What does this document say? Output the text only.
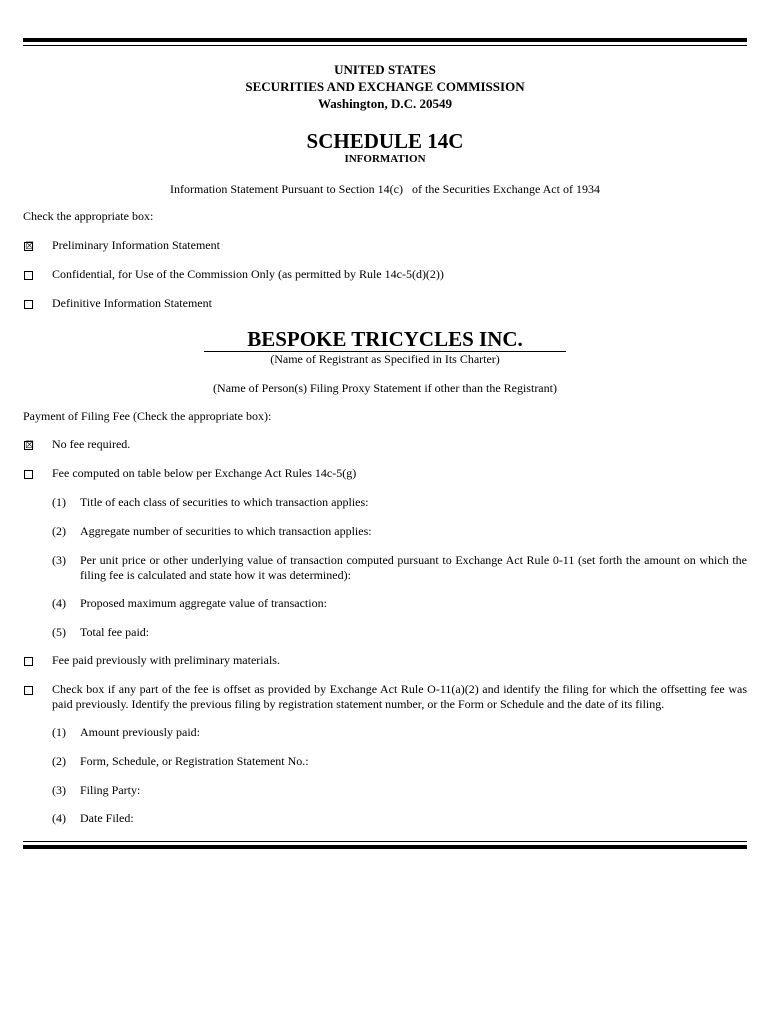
UNITED STATES
SECURITIES AND EXCHANGE COMMISSION
Washington, D.C. 20549
SCHEDULE 14C
INFORMATION
Information Statement Pursuant to Section 14(c)   of the Securities Exchange Act of 1934
Check the appropriate box:
☒ Preliminary Information Statement
Confidential, for Use of the Commission Only (as permitted by Rule 14c-5(d)(2))
Definitive Information Statement
BESPOKE TRICYCLES INC.
(Name of Registrant as Specified in Its Charter)
(Name of Person(s) Filing Proxy Statement if other than the Registrant)
Payment of Filing Fee (Check the appropriate box):
☒ No fee required.
Fee computed on table below per Exchange Act Rules 14c-5(g)
(1) Title of each class of securities to which transaction applies:
(2) Aggregate number of securities to which transaction applies:
(3) Per unit price or other underlying value of transaction computed pursuant to Exchange Act Rule 0-11 (set forth the amount on which the filing fee is calculated and state how it was determined):
(4) Proposed maximum aggregate value of transaction:
(5) Total fee paid:
Fee paid previously with preliminary materials.
Check box if any part of the fee is offset as provided by Exchange Act Rule O-11(a)(2) and identify the filing for which the offsetting fee was paid previously. Identify the previous filing by registration statement number, or the Form or Schedule and the date of its filing.
(1) Amount previously paid:
(2) Form, Schedule, or Registration Statement No.:
(3) Filing Party:
(4) Date Filed:
